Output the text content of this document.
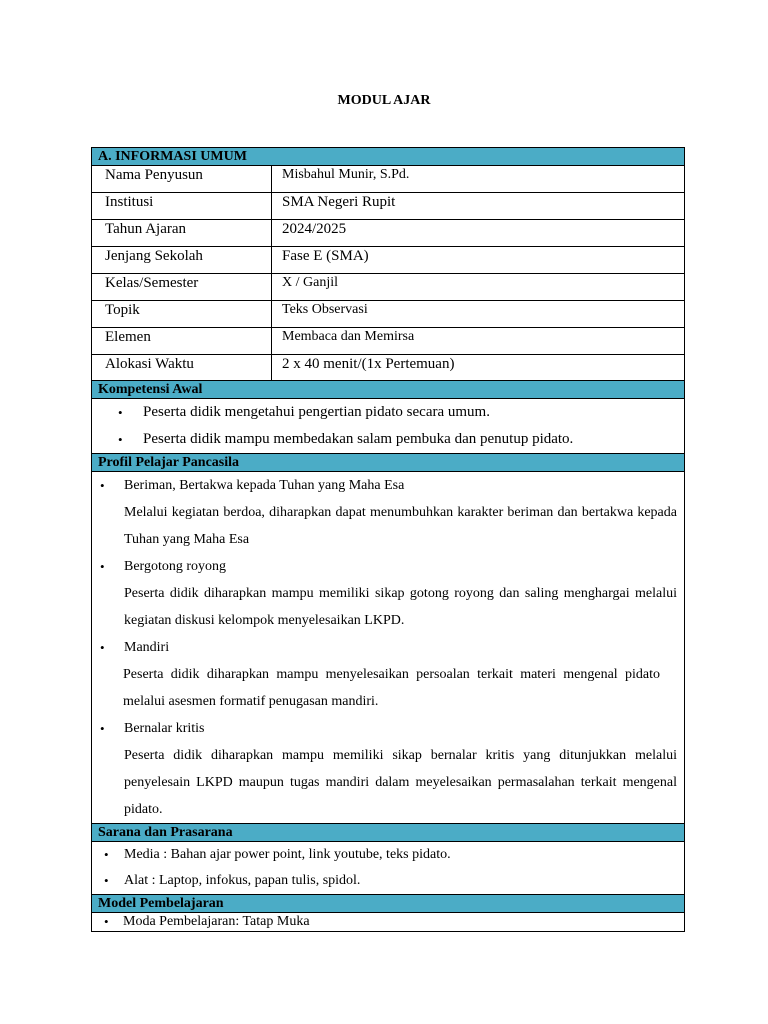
MODUL AJAR
A. INFORMASI UMUM
Nama Penyusun	Misbahul Munir, S.Pd.
Institusi	SMA Negeri Rupit
Tahun Ajaran	2024/2025
Jenjang Sekolah	Fase E (SMA)
Kelas/Semester	X / Ganjil
Topik	Teks Observasi
Elemen	Membaca dan Memirsa
Alokasi Waktu	2 x 40 menit/(1x Pertemuan)
Kompetensi Awal
• Peserta didik mengetahui pengertian pidato secara umum.
• Peserta didik mampu membedakan salam pembuka dan penutup pidato.
Profil Pelajar Pancasila
• Beriman, Bertakwa kepada Tuhan yang Maha Esa
Melalui kegiatan berdoa, diharapkan dapat menumbuhkan karakter beriman dan bertakwa kepada Tuhan yang Maha Esa
• Bergotong royong
Peserta didik diharapkan mampu memiliki sikap gotong royong dan saling menghargai melalui kegiatan diskusi kelompok menyelesaikan LKPD.
• Mandiri
Peserta didik diharapkan mampu menyelesaikan persoalan terkait materi mengenal pidato melalui asesmen formatif penugasan mandiri.
• Bernalar kritis
Peserta didik diharapkan mampu memiliki sikap bernalar kritis yang ditunjukkan melalui penyelesain LKPD maupun tugas mandiri dalam meyelesaikan permasalahan terkait mengenal pidato.
Sarana dan Prasarana
• Media : Bahan ajar power point, link youtube, teks pidato.
• Alat : Laptop, infokus, papan tulis, spidol.
Model Pembelajaran
• Moda Pembelajaran: Tatap Muka
